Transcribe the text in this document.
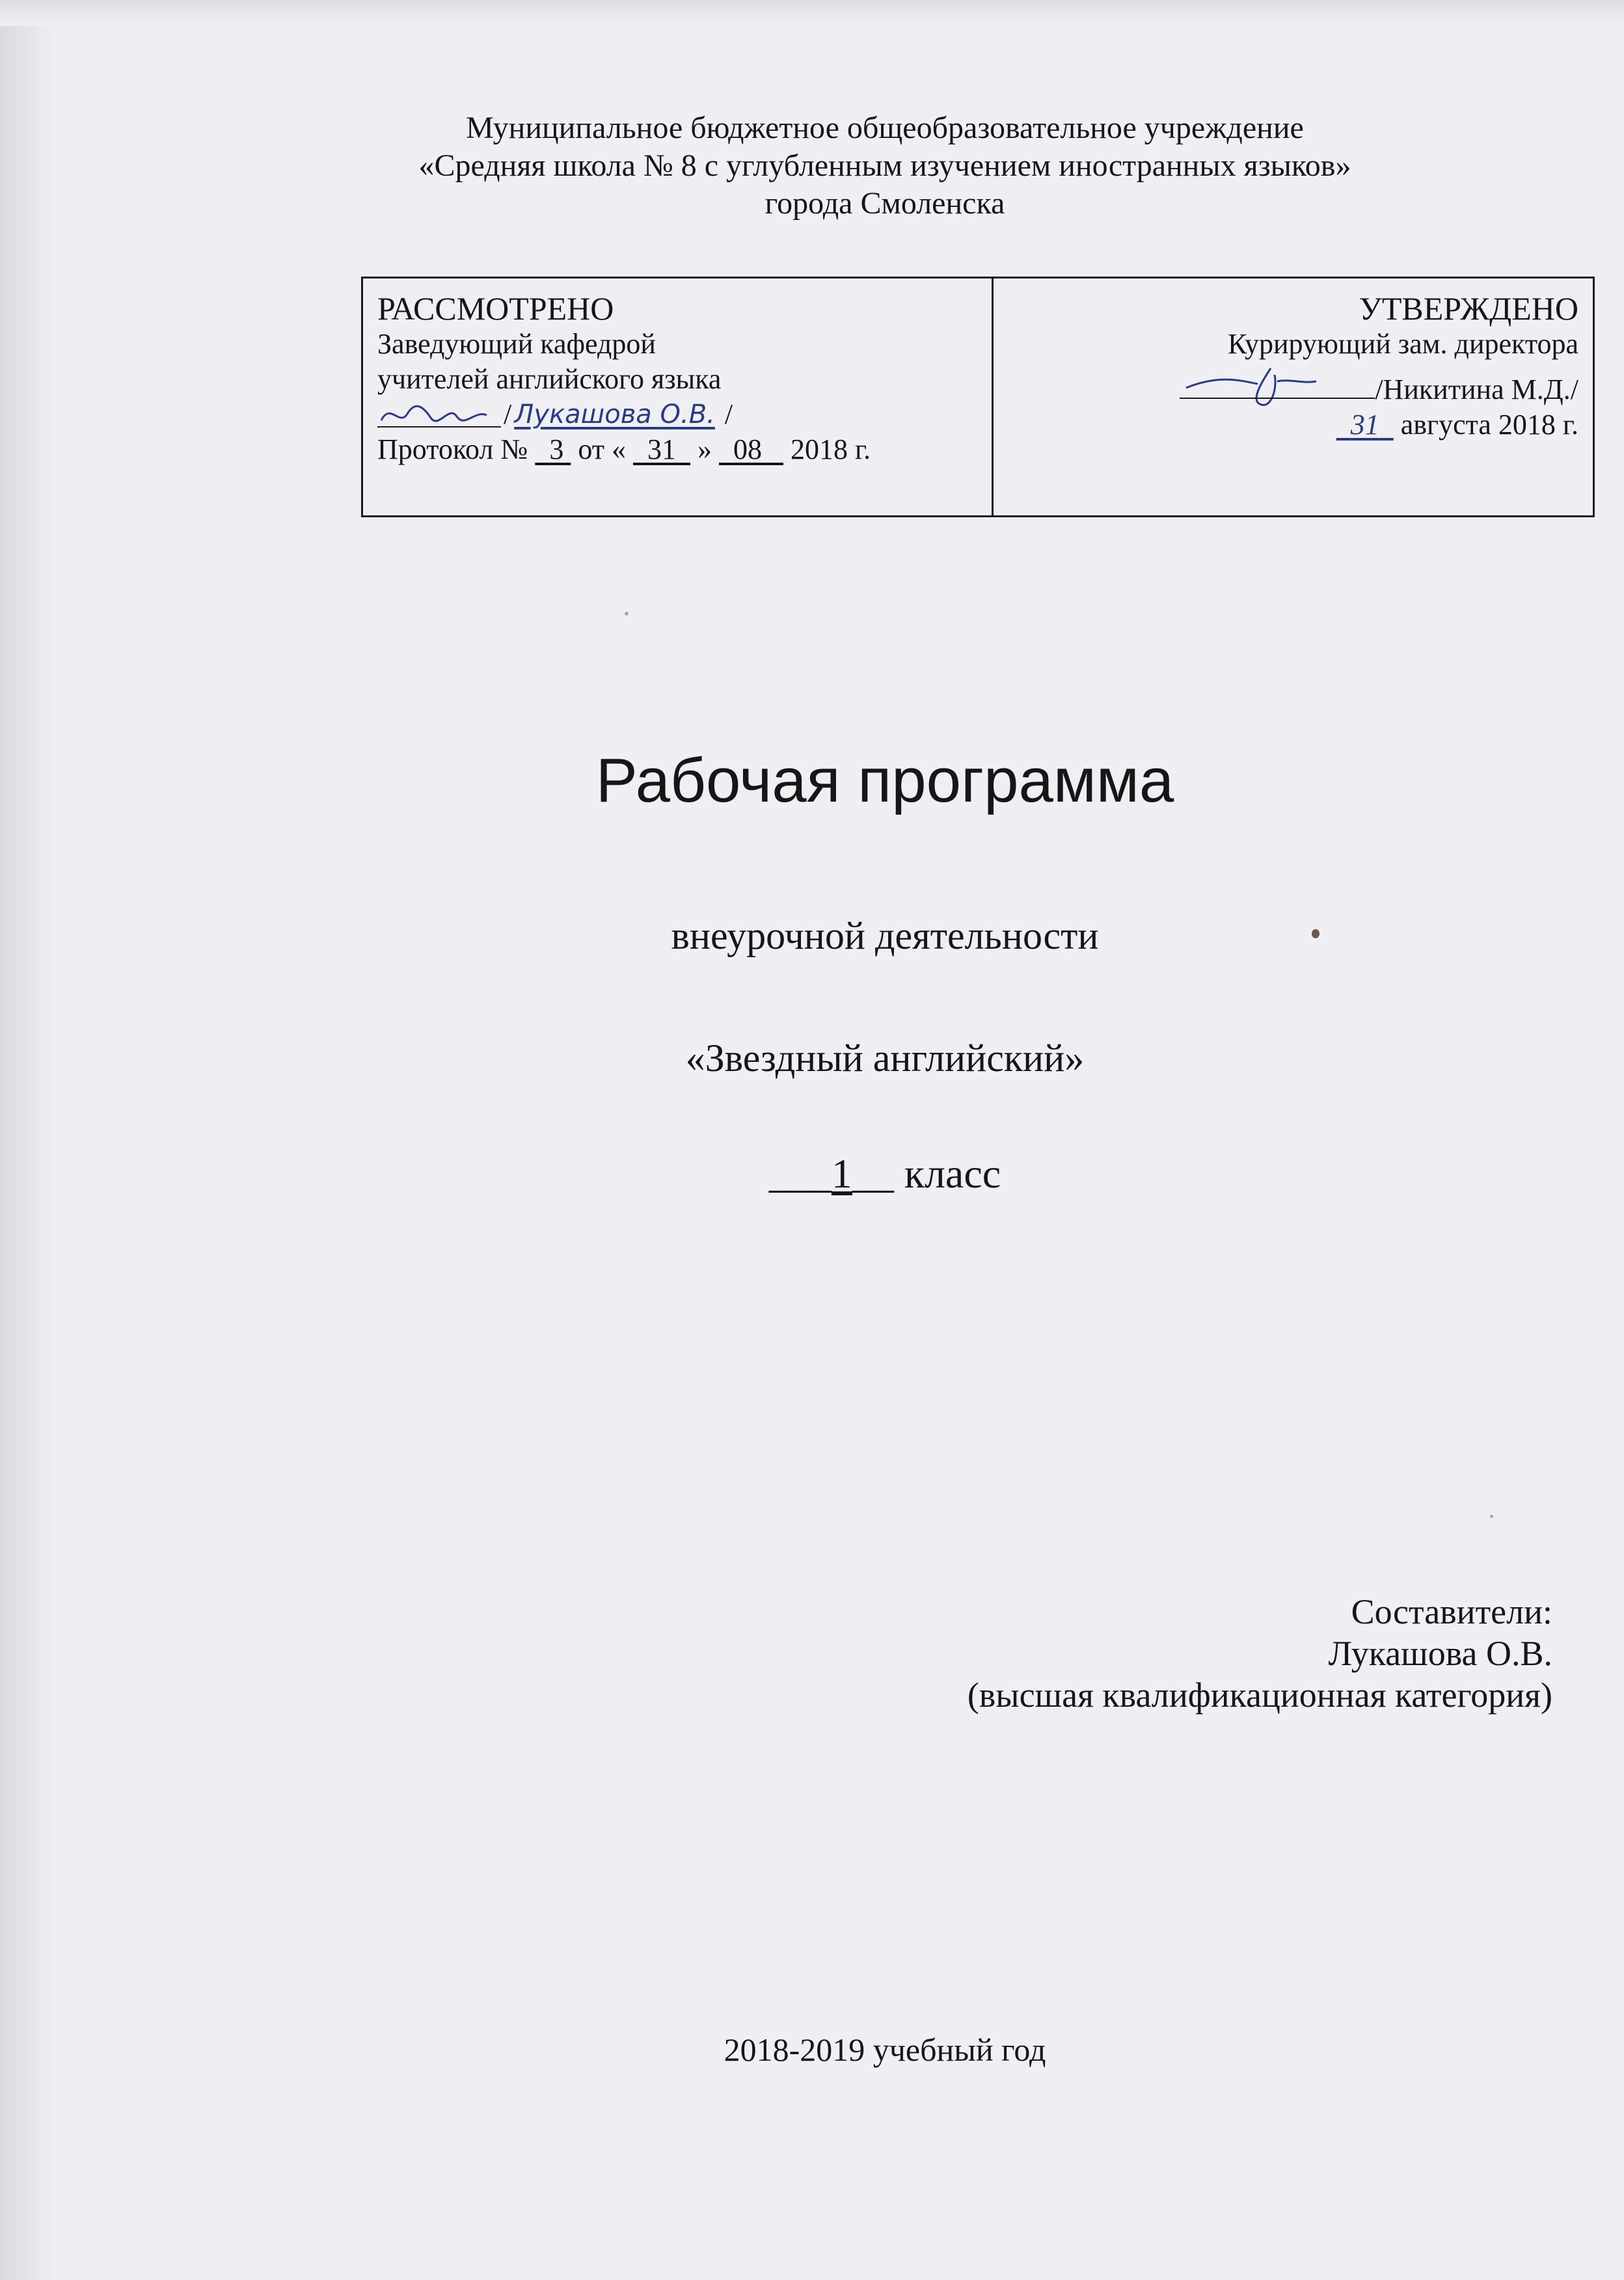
Муниципальное бюджетное общеобразовательное учреждение
«Средняя школа № 8 с углубленным изучением иностранных языков»
города Смоленска
РАССМОТРЕНО
Заведующий кафедрой
учителей английского языка
/ Лукашова О.В. /
Протокол № 3 от « 31 » 08 2018 г.
УТВЕРЖДЕНО
Курирующий зам. директора
/Никитина М.Д./
31 августа 2018 г.
Рабочая программа
внеурочной деятельности
«Звездный английский»
___1__ класс
Составители:
Лукашова О.В.
(высшая квалификационная категория)
2018-2019 учебный год
